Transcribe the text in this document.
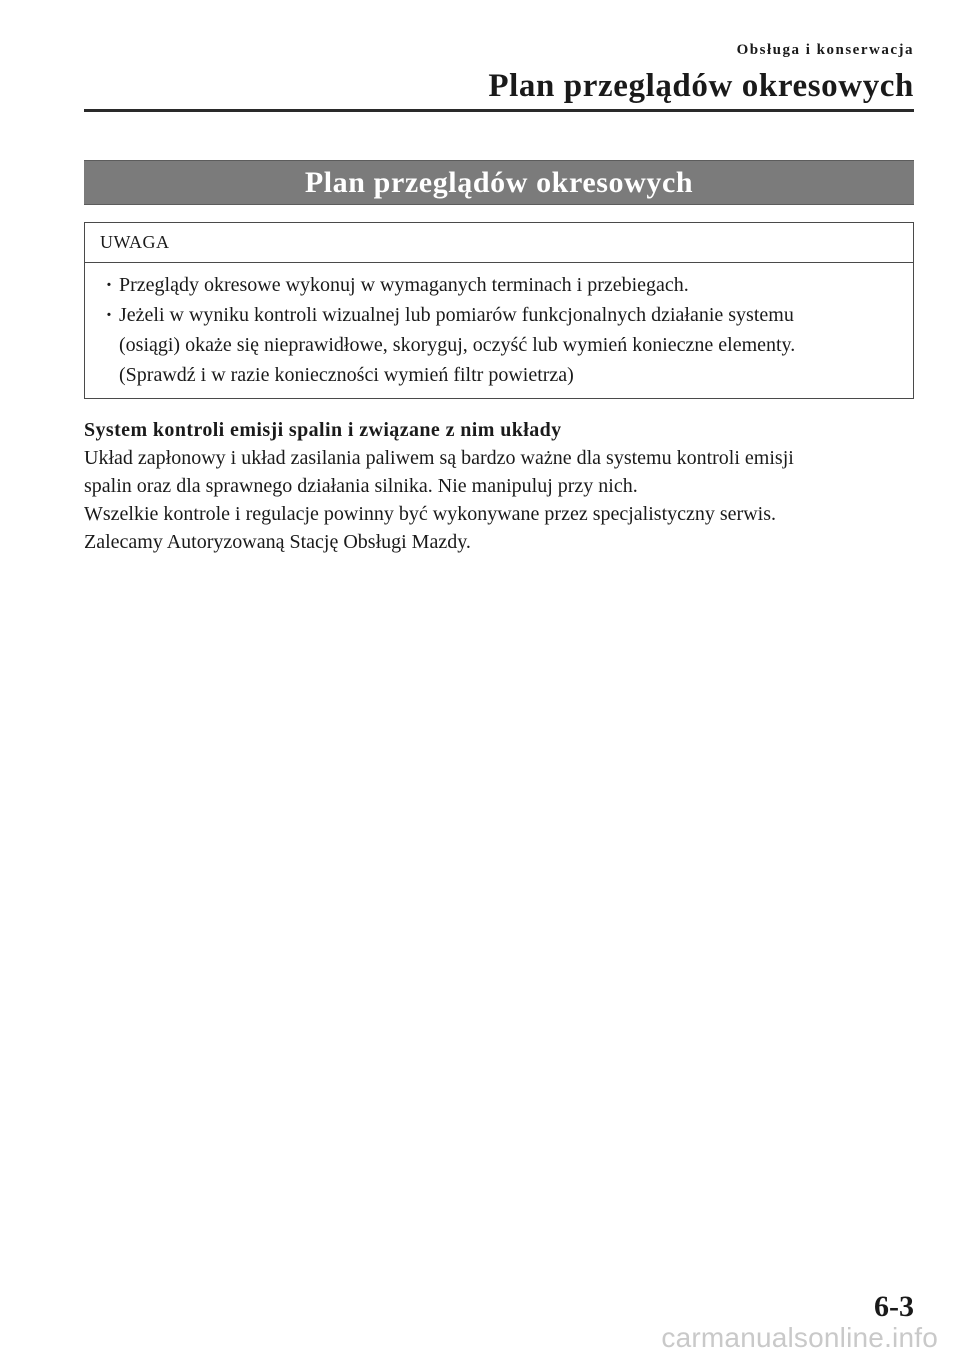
Obsługa i konserwacja
Plan przeglądów okresowych
Plan przeglądów okresowych
UWAGA
· Przeglądy okresowe wykonuj w wymaganych terminach i przebiegach.
· Jeżeli w wyniku kontroli wizualnej lub pomiarów funkcjonalnych działanie systemu
(osiągi) okaże się nieprawidłowe, skoryguj, oczyść lub wymień konieczne elementy.
(Sprawdź i w razie konieczności wymień filtr powietrza)
System kontroli emisji spalin i związane z nim układy
Układ zapłonowy i układ zasilania paliwem są bardzo ważne dla systemu kontroli emisji
spalin oraz dla sprawnego działania silnika. Nie manipuluj przy nich.
Wszelkie kontrole i regulacje powinny być wykonywane przez specjalistyczny serwis.
Zalecamy Autoryzowaną Stację Obsługi Mazdy.
6-3
carmanualsonline.info
